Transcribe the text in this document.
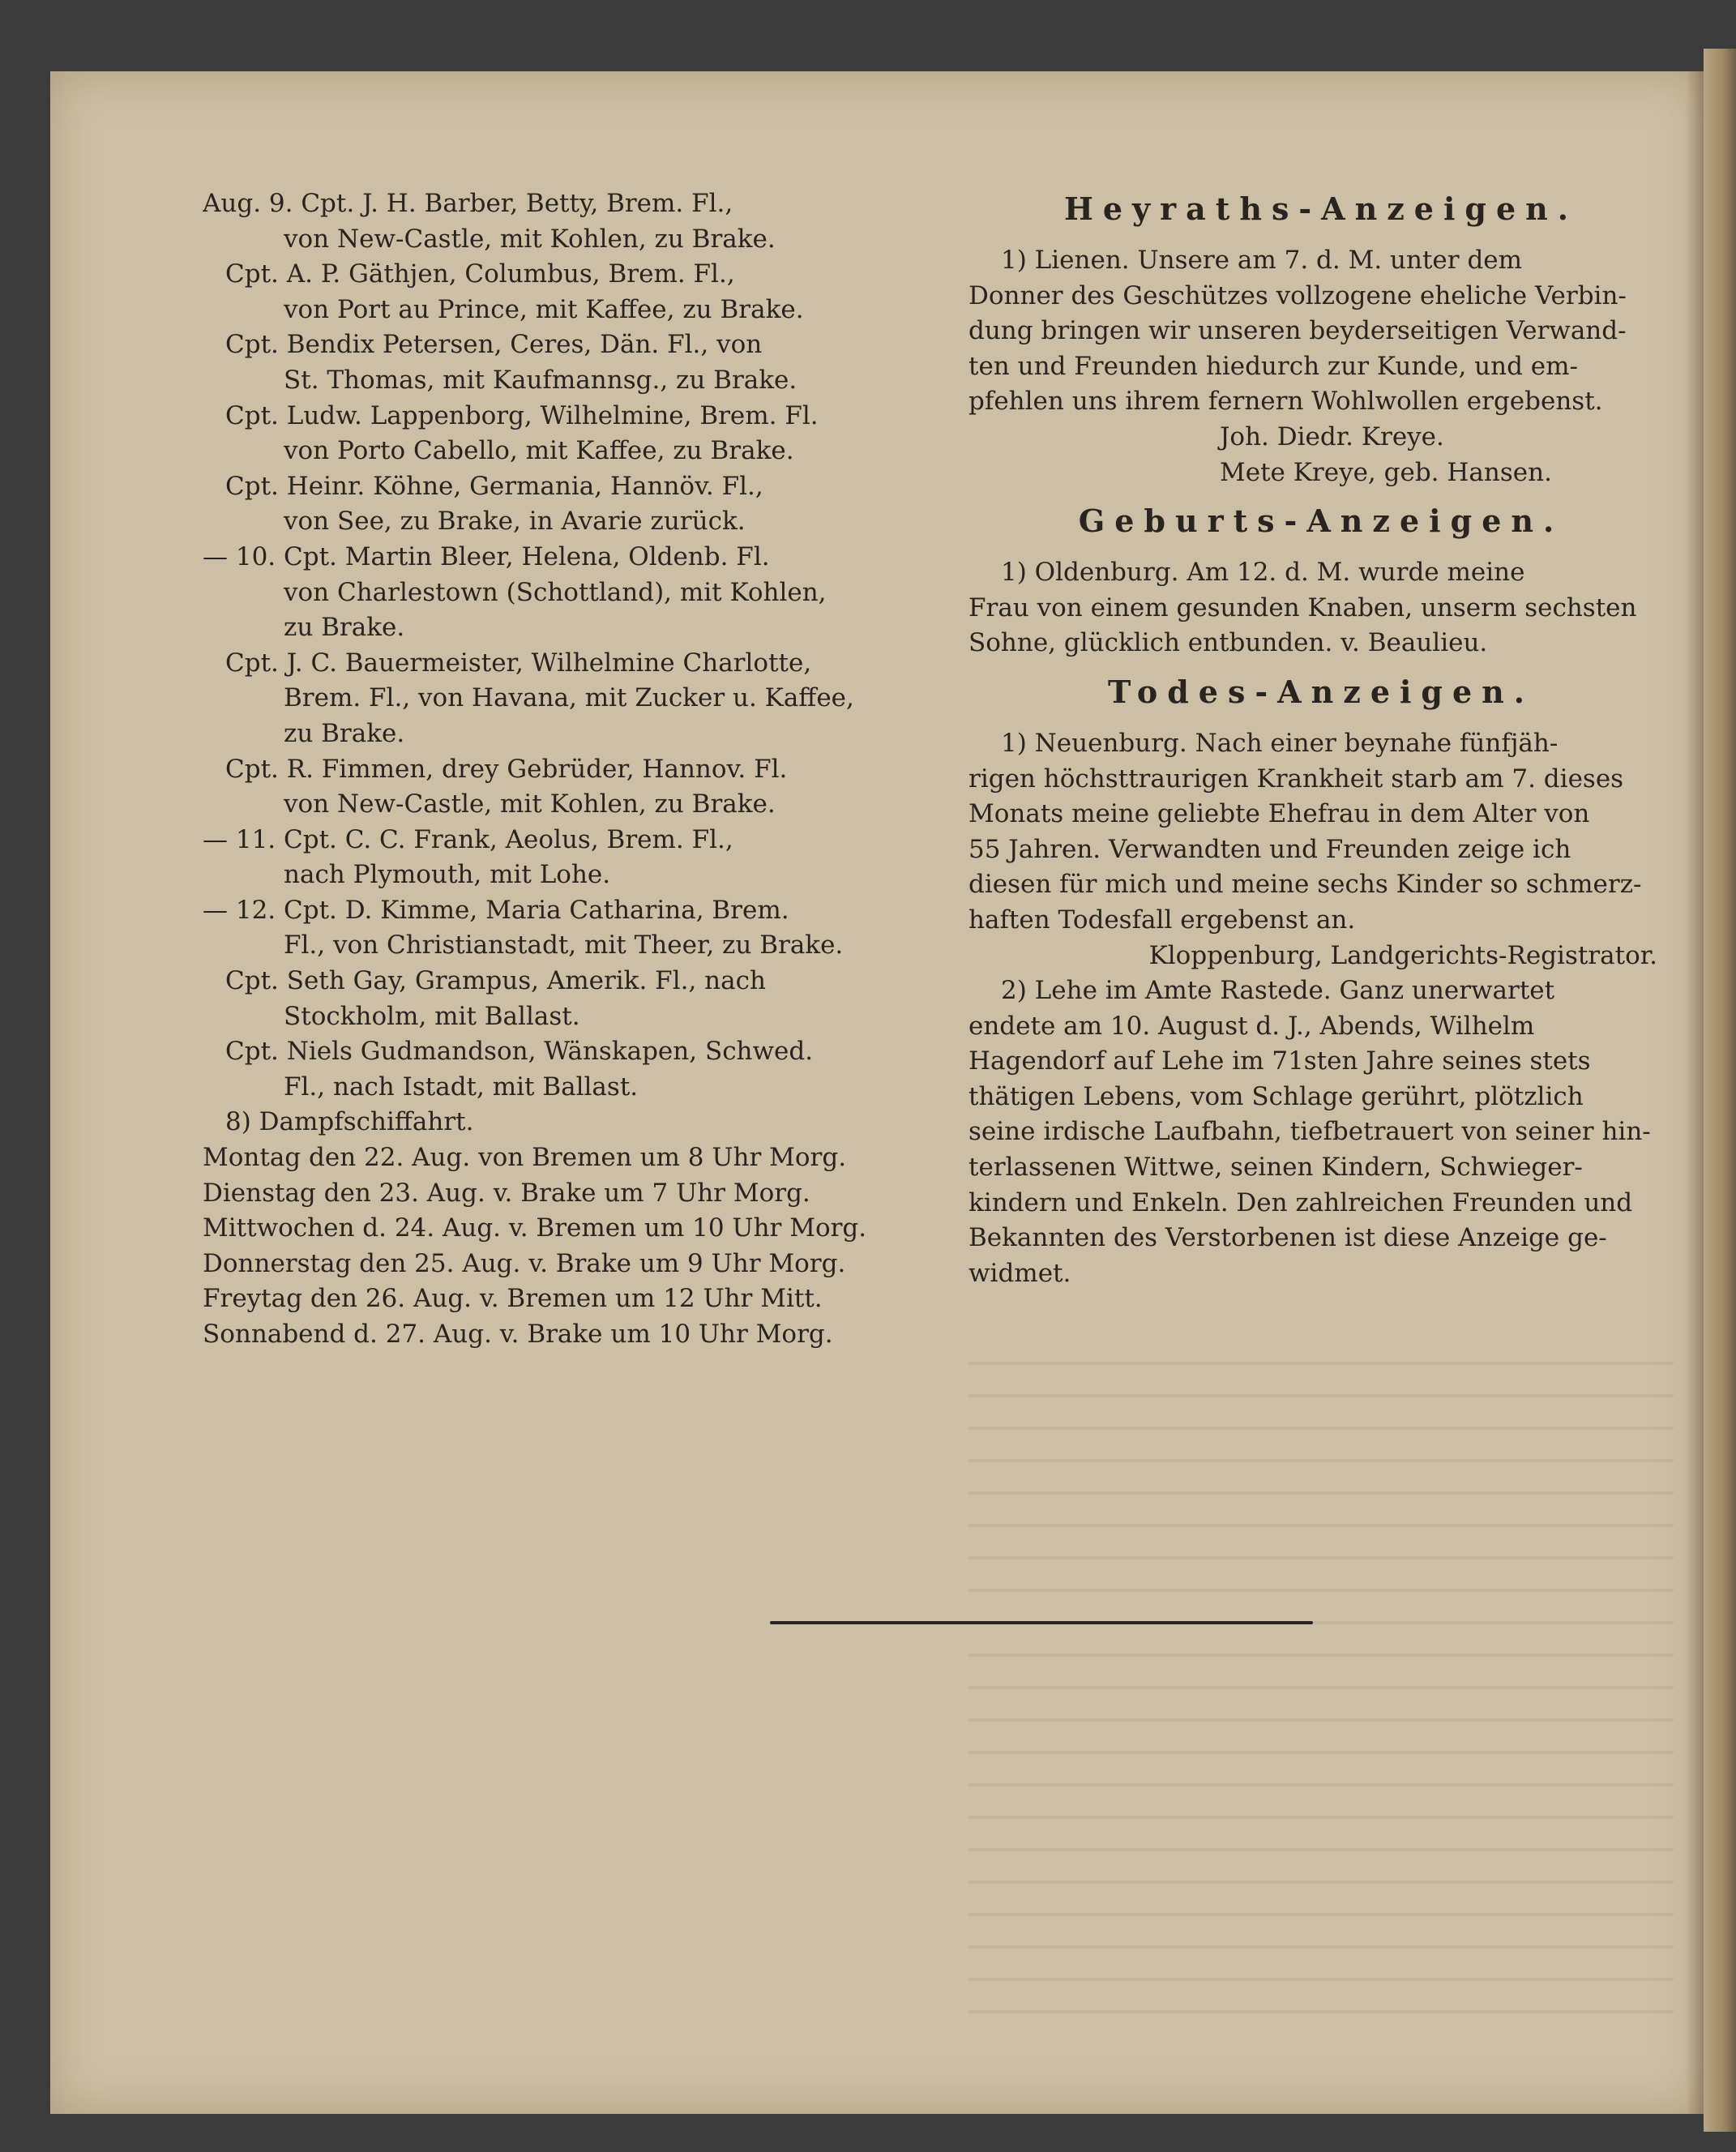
Aug. 9. Cpt. J. H. Barber, Betty, Brem. Fl.,
von New-Castle, mit Kohlen, zu Brake.
Cpt. A. P. Gäthjen, Columbus, Brem. Fl.,
von Port au Prince, mit Kaffee, zu Brake.
Cpt. Bendix Petersen, Ceres, Dän. Fl., von
St. Thomas, mit Kaufmannsg., zu Brake.
Cpt. Ludw. Lappenborg, Wilhelmine, Brem. Fl.
von Porto Cabello, mit Kaffee, zu Brake.
Cpt. Heinr. Köhne, Germania, Hannöv. Fl.,
von See, zu Brake, in Avarie zurück.
— 10. Cpt. Martin Bleer, Helena, Oldenb. Fl.
von Charlestown (Schottland), mit Kohlen,
zu Brake.
Cpt. J. C. Bauermeister, Wilhelmine Charlotte,
Brem. Fl., von Havana, mit Zucker u. Kaffee,
zu Brake.
Cpt. R. Fimmen, drey Gebrüder, Hannov. Fl.
von New-Castle, mit Kohlen, zu Brake.
— 11. Cpt. C. C. Frank, Aeolus, Brem. Fl.,
nach Plymouth, mit Lohe.
— 12. Cpt. D. Kimme, Maria Catharina, Brem.
Fl., von Christianstadt, mit Theer, zu Brake.
Cpt. Seth Gay, Grampus, Amerik. Fl., nach
Stockholm, mit Ballast.
Cpt. Niels Gudmandson, Wänskapen, Schwed.
Fl., nach Istadt, mit Ballast.
8) Dampfschiffahrt.
Montag den 22. Aug. von Bremen um 8 Uhr Morg.
Dienstag den 23. Aug. v. Brake um 7 Uhr Morg.
Mittwochen d. 24. Aug. v. Bremen um 10 Uhr Morg.
Donnerstag den 25. Aug. v. Brake um 9 Uhr Morg.
Freytag den 26. Aug. v. Bremen um 12 Uhr Mitt.
Sonnabend d. 27. Aug. v. Brake um 10 Uhr Morg.
Heyraths-Anzeigen.
1) Lienen. Unsere am 7. d. M. unter dem
Donner des Geschützes vollzogene eheliche Verbin-
dung bringen wir unseren beyderseitigen Verwand-
ten und Freunden hiedurch zur Kunde, und em-
pfehlen uns ihrem fernern Wohlwollen ergebenst.
Joh. Diedr. Kreye.
Mete Kreye, geb. Hansen.
Geburts-Anzeigen.
1) Oldenburg. Am 12. d. M. wurde meine
Frau von einem gesunden Knaben, unserm sechsten
Sohne, glücklich entbunden. v. Beaulieu.
Todes-Anzeigen.
1) Neuenburg. Nach einer beynahe fünfjäh-
rigen höchsttraurigen Krankheit starb am 7. dieses
Monats meine geliebte Ehefrau in dem Alter von
55 Jahren. Verwandten und Freunden zeige ich
diesen für mich und meine sechs Kinder so schmerz-
haften Todesfall ergebenst an.
Kloppenburg, Landgerichts-Registrator.
2) Lehe im Amte Rastede. Ganz unerwartet
endete am 10. August d. J., Abends, Wilhelm
Hagendorf auf Lehe im 71sten Jahre seines stets
thätigen Lebens, vom Schlage gerührt, plötzlich
seine irdische Laufbahn, tiefbetrauert von seiner hin-
terlassenen Wittwe, seinen Kindern, Schwieger-
kindern und Enkeln. Den zahlreichen Freunden und
Bekannten des Verstorbenen ist diese Anzeige ge-
widmet.
